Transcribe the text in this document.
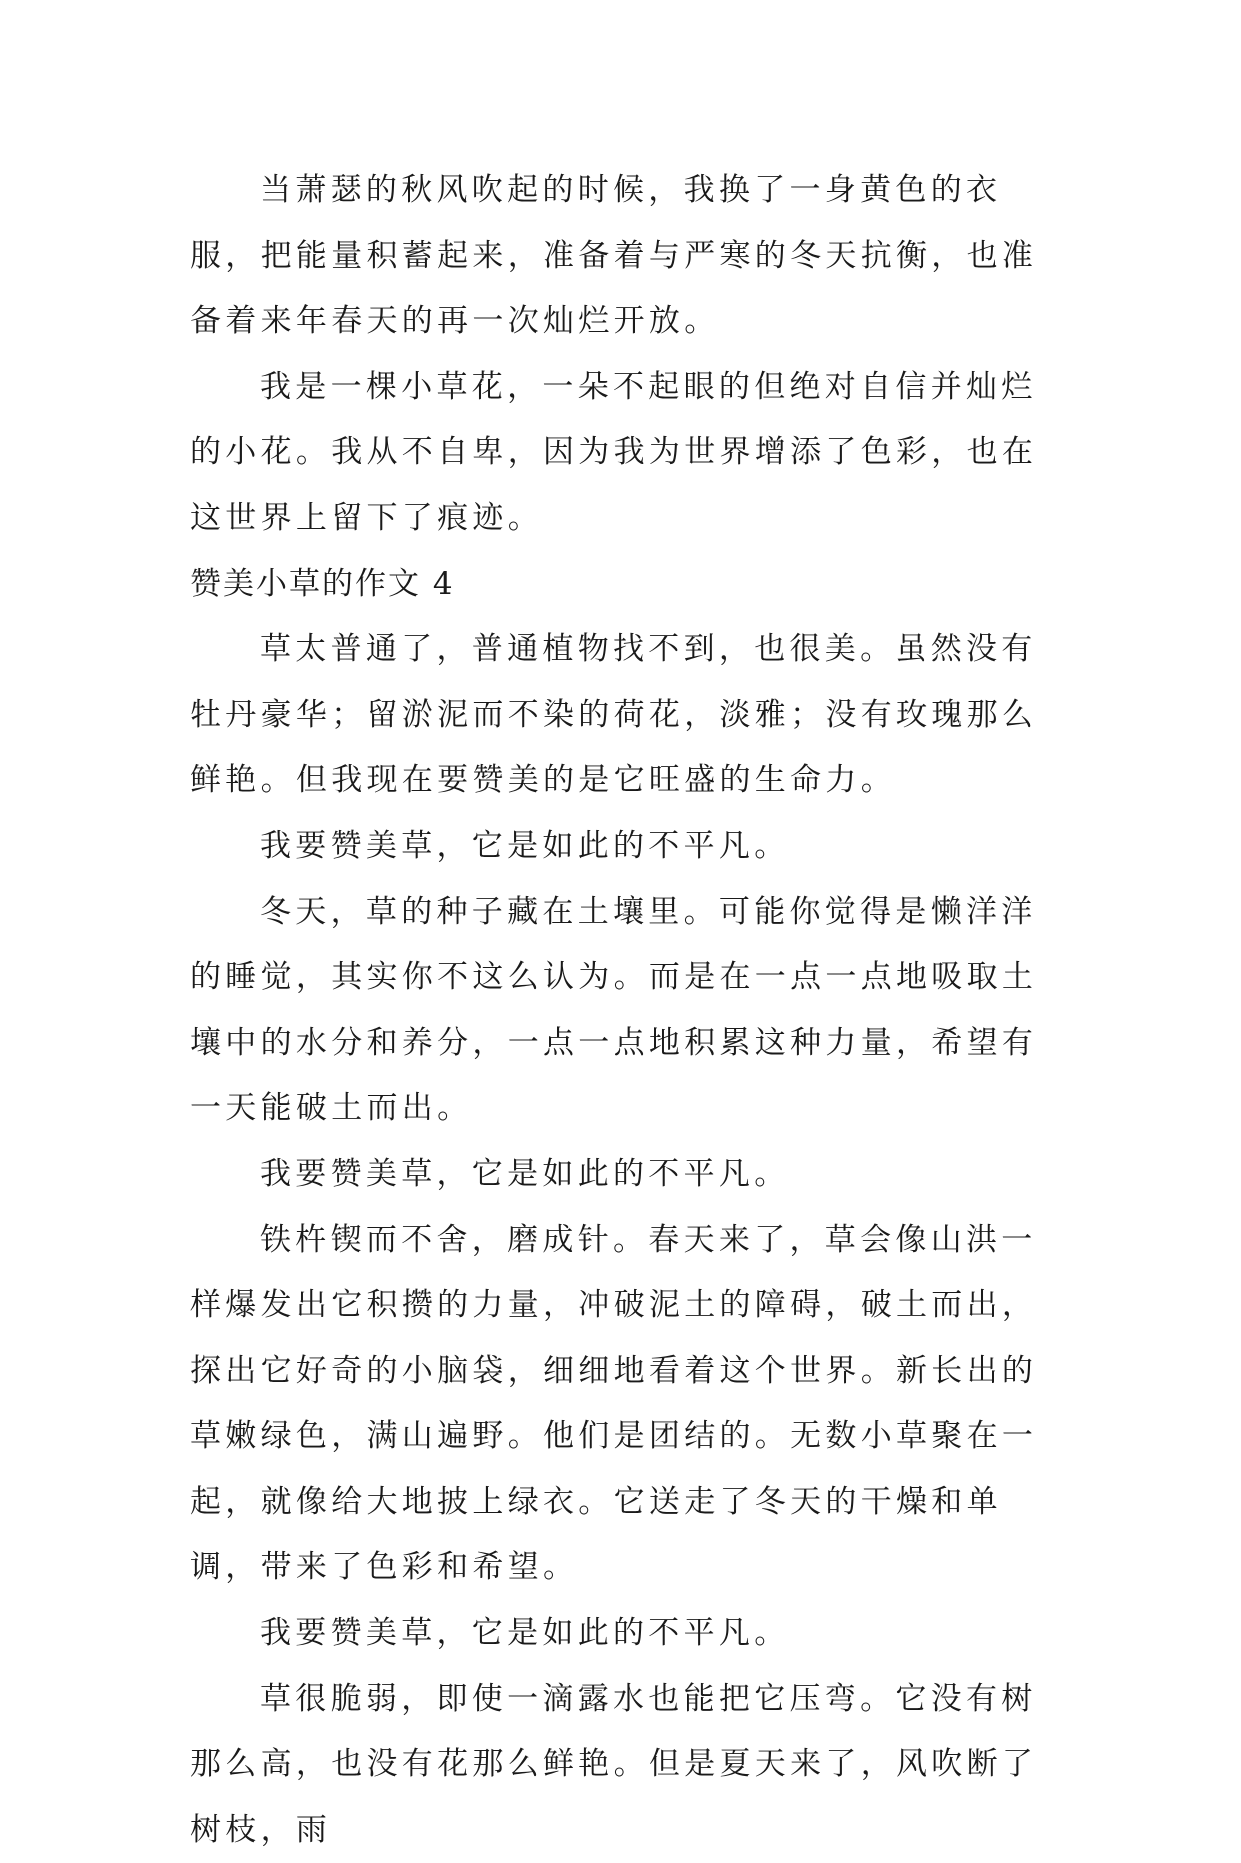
当萧瑟的秋风吹起的时候，我换了一身黄色的衣服，把能量积蓄起来，准备着与严寒的冬天抗衡，也准备着来年春天的再一次灿烂开放。

我是一棵小草花，一朵不起眼的但绝对自信并灿烂的小花。我从不自卑，因为我为世界增添了色彩，也在这世界上留下了痕迹。

赞美小草的作文 4

草太普通了，普通植物找不到，也很美。虽然没有牡丹豪华；留淤泥而不染的荷花，淡雅；没有玫瑰那么鲜艳。但我现在要赞美的是它旺盛的生命力。

我要赞美草，它是如此的不平凡。

冬天，草的种子藏在土壤里。可能你觉得是懒洋洋的睡觉，其实你不这么认为。而是在一点一点地吸取土壤中的水分和养分，一点一点地积累这种力量，希望有一天能破土而出。

我要赞美草，它是如此的不平凡。

铁杵锲而不舍，磨成针。春天来了，草会像山洪一样爆发出它积攒的力量，冲破泥土的障碍，破土而出，探出它好奇的小脑袋，细细地看着这个世界。新长出的草嫩绿色，满山遍野。他们是团结的。无数小草聚在一起，就像给大地披上绿衣。它送走了冬天的干燥和单调，带来了色彩和希望。

我要赞美草，它是如此的不平凡。

草很脆弱，即使一滴露水也能把它压弯。它没有树那么高，也没有花那么鲜艳。但是夏天来了，风吹断了树枝，雨
